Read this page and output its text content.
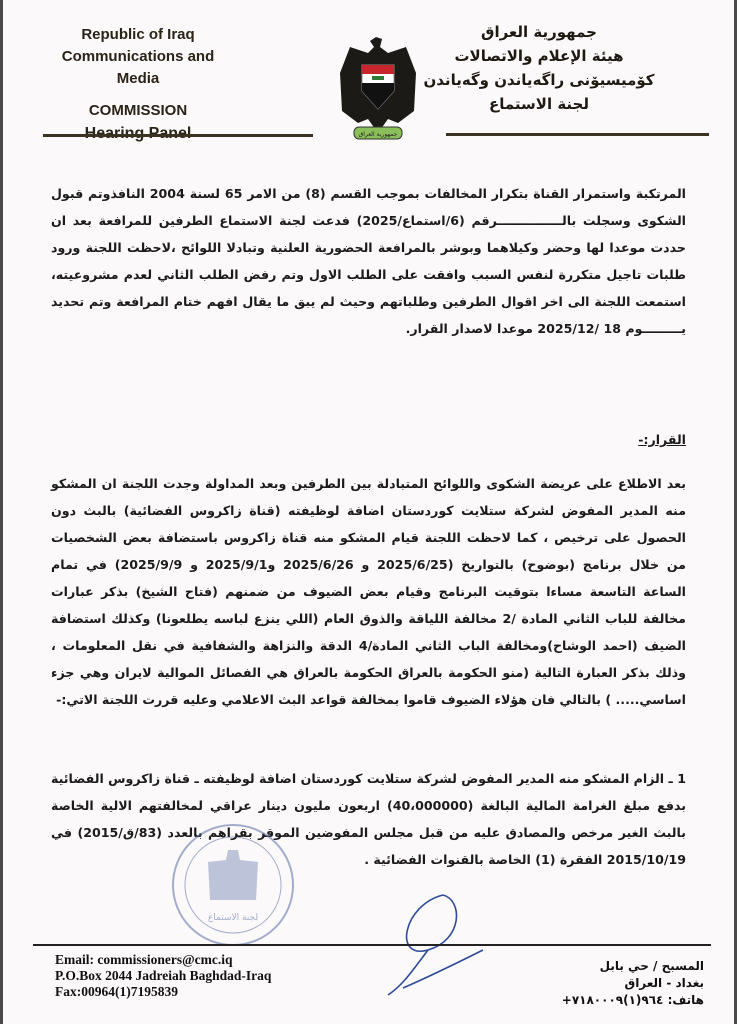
Republic of Iraq
Communications and Media
COMMISSION
جمهورية العراق
جمهورية العراق
هيئة الإعلام والاتصالات
كۆمیسیۆنی راگەیاندن وگەیاندن
لجنة الاستماع
المرتكبة واستمرار القناة بتكرار المخالفات بموجب القسم (8) من الامر 65 لسنة 2004 النافذوتم قبول الشكوى وسجلت بالـــــــــــــــرقم (6/استماع/2025) فدعت لجنة الاستماع الطرفين للمرافعة بعد ان حددت موعدا لها وحضر وكيلاهما وبوشر بالمرافعة الحضورية العلنية وتبادلا اللوائح ،لاحظت اللجنة ورود طلبات تاجيل متكررة لنفس السبب وافقت على الطلب الاول وتم رفض الطلب الثاني لعدم مشروعيته، استمعت اللجنة الى اخر اقوال الطرفين وطلباتهم وحيث لم يبق ما يقال افهم ختام المرافعة وتم تحديد يـــــــــوم 18 /2025/12 موعدا لاصدار القرار.
القرار:-
بعد الاطلاع على عريضة الشكوى واللوائح المتبادلة بين الطرفين وبعد المداولة وجدت اللجنة ان المشكو منه المدير المفوض لشركة ستلايت كوردستان اضافة لوظيفته (قناة زاكروس الفضائية) بالبث دون الحصول على ترخيص ، كما لاحظت اللجنة قيام المشكو منه قناة زاكروس باستضافة بعض الشخصيات من خلال برنامج (بوضوح) بالتواريخ (2025/6/25 و 2025/6/26 و2025/9/1 و 2025/9/9) في تمام الساعة التاسعة مساءا بتوقيت البرنامج وقيام بعض الضيوف من ضمنهم (فتاح الشيخ) بذكر عبارات مخالفة للباب الثاني المادة /2 مخالفة اللياقة والذوق العام (اللي ينزع لباسه يطلعونا) وكذلك استضافة الضيف (احمد الوشاح)ومخالفة الباب الثاني المادة/4 الدقة والنزاهة والشفافية في نقل المعلومات ، وذلك بذكر العبارة التالية (منو الحكومة بالعراق الحكومة بالعراق هي الفصائل الموالية لايران وهي جزء اساسي..... ) بالتالي فان هؤلاء الضيوف قاموا بمخالفة قواعد البث الاعلامي وعليه قررت اللجنة الاتي:-
1 ـ الزام المشكو منه المدير المفوض لشركة ستلايت كوردستان اضافة لوظيفته ـ قناة زاكروس الفضائية بدفع مبلغ الغرامة المالية البالغة (40،000000) اربعون مليون دينار عراقي لمخالفتهم الالية الخاصة بالبث الغير مرخص والمصادق عليه من قبل مجلس المفوضين الموقر بقراهم بالعدد (83/ق/2015) في 2015/10/19 الفقرة (1) الخاصة بالقنوات الفضائية .
لجنة الاستماع
Email: commissioners@cmc.iq
P.O.Box 2044 Jadreiah Baghdad-Iraq
Fax:00964(1)7195839
المسبح / حي بابل
بغداد - العراق
هاتف: ٩٦٤(١)٧١٨٠٠٠٩+
